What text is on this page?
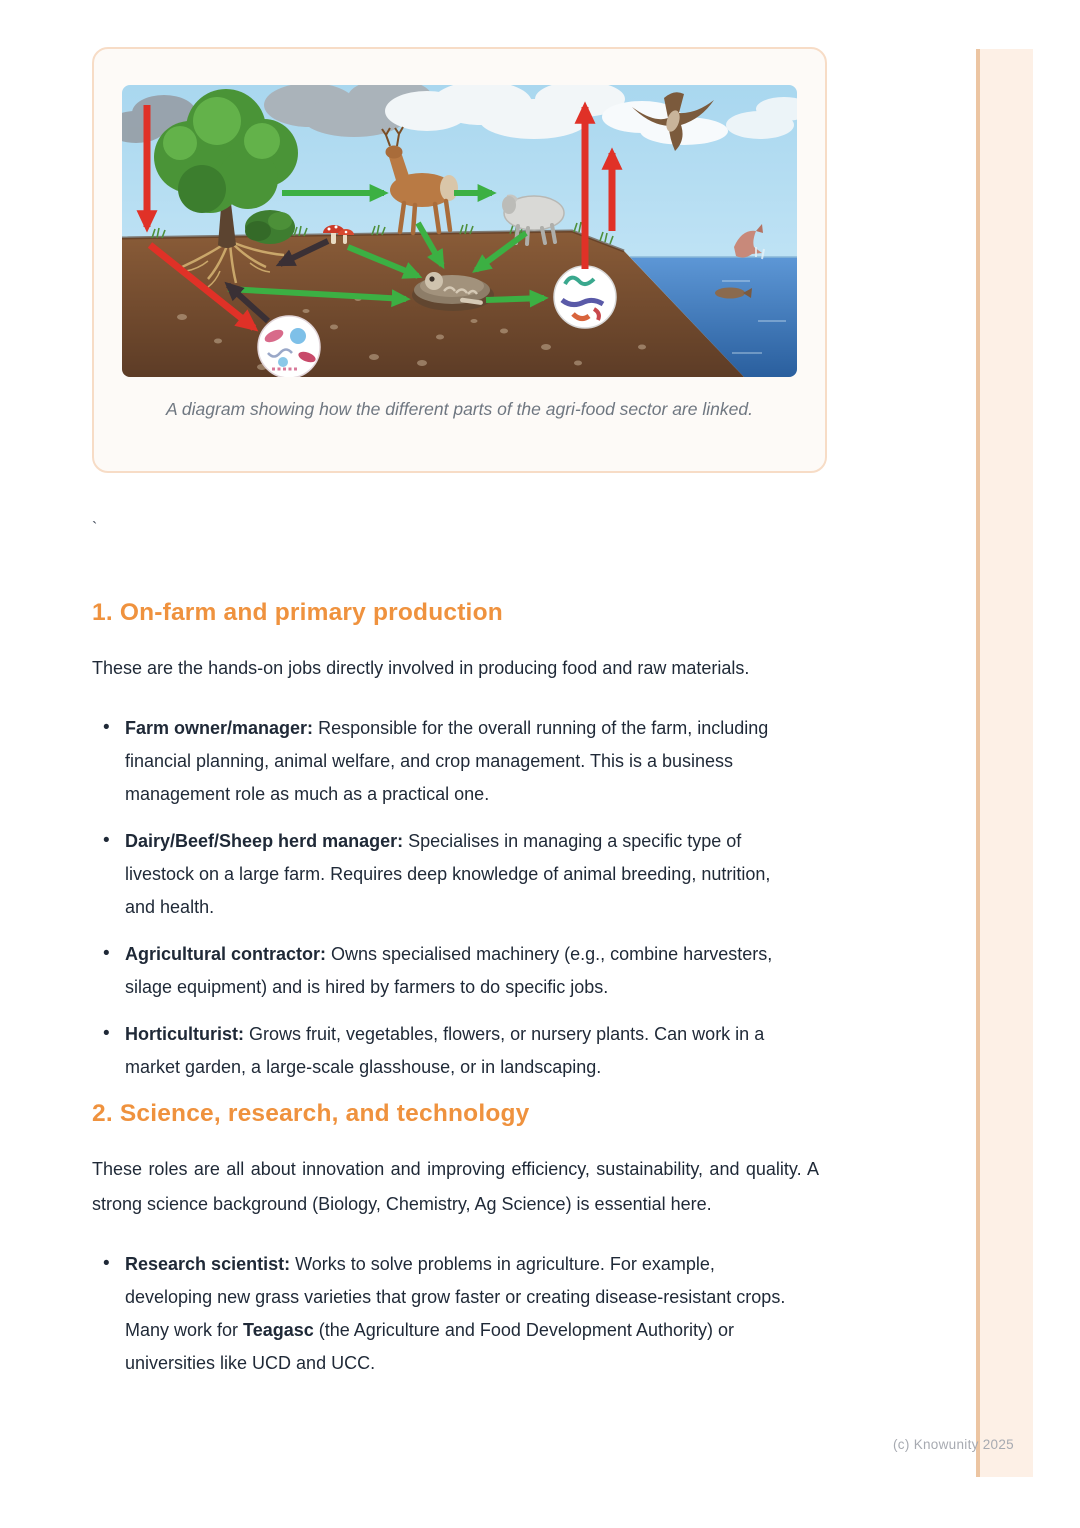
A diagram showing how the different parts of the agri-food sector are linked.
`
1. On-farm and primary production

These are the hands-on jobs directly involved in producing food and raw materials.

• Farm owner/manager: Responsible for the overall running of the farm, including financial planning, animal welfare, and crop management. This is a business management role as much as a practical one.
• Dairy/Beef/Sheep herd manager: Specialises in managing a specific type of livestock on a large farm. Requires deep knowledge of animal breeding, nutrition, and health.
• Agricultural contractor: Owns specialised machinery (e.g., combine harvesters, silage equipment) and is hired by farmers to do specific jobs.
• Horticulturist: Grows fruit, vegetables, flowers, or nursery plants. Can work in a market garden, a large-scale glasshouse, or in landscaping.
2. Science, research, and technology

These roles are all about innovation and improving efficiency, sustainability, and quality. A strong science background (Biology, Chemistry, Ag Science) is essential here.

• Research scientist: Works to solve problems in agriculture. For example, developing new grass varieties that grow faster or creating disease-resistant crops. Many work for Teagasc (the Agriculture and Food Development Authority) or universities like UCD and UCC.
(c) Knowunity 2025
